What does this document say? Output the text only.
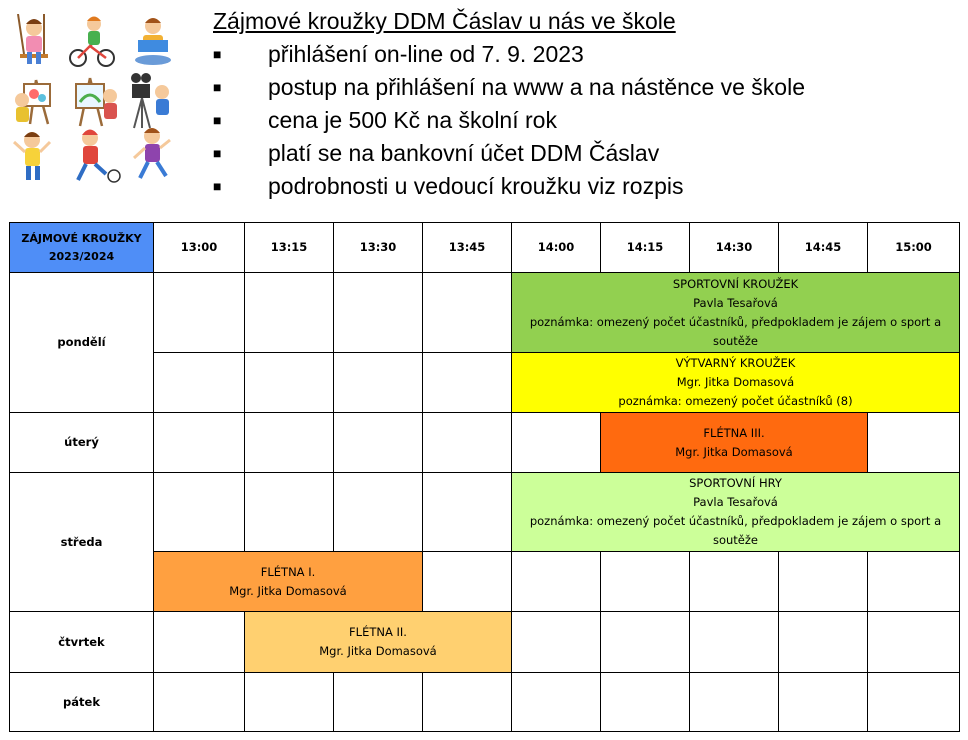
Zájmové kroužky DDM Čáslav u nás ve škole
■ přihlášení on-line od 7. 9. 2023
■ postup na přihlášení na www a na nástěnce ve škole
■ cena je 500 Kč na školní rok
■ platí se na bankovní účet DDM Čáslav
■ podrobnosti u vedoucí kroužku viz rozpis
ZÁJMOVÉ KROUŽKY
2023/2024	13:00	13:15	13:30	13:45	14:00	14:15	14:30	14:45	15:00
pondělí					SPORTOVNÍ KROUŽEK
Pavla Tesařová
poznámka: omezený počet účastníků, předpokladem je zájem o sport a soutěže				

					VÝTVARNÝ KROUŽEK
Mgr. Jitka Domasová
poznámka: omezený počet účastníků (8)				

úterý						FLÉTNA III.
Mgr. Jitka Domasová			

středa					SPORTOVNÍ HRY
Pavla Tesařová
poznámka: omezený počet účastníků, předpokladem je zájem o sport a soutěže				

	FLÉTNA I.
Mgr. Jitka Domasová								

čtvrtek		FLÉTNA II.
Mgr. Jitka Domasová							

pátek									
